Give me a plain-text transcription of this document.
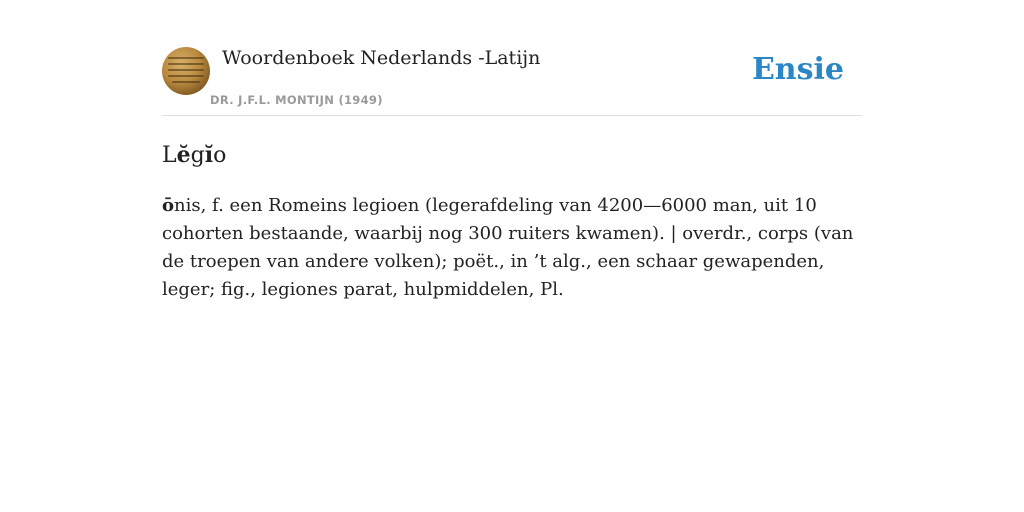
Woordenboek Nederlands -Latijn
DR. J.F.L. MONTIJN (1949)
Ensie
Lĕgĭo

ōnis, f. een Romeins legioen (legerafdeling van 4200—6000 man, uit 10 cohorten bestaande, waarbij nog 300 ruiters kwamen). | overdr., corps (van de troepen van andere volken); poët., in ’t alg., een schaar gewapenden, leger; fig., legiones parat, hulpmiddelen, Pl.
